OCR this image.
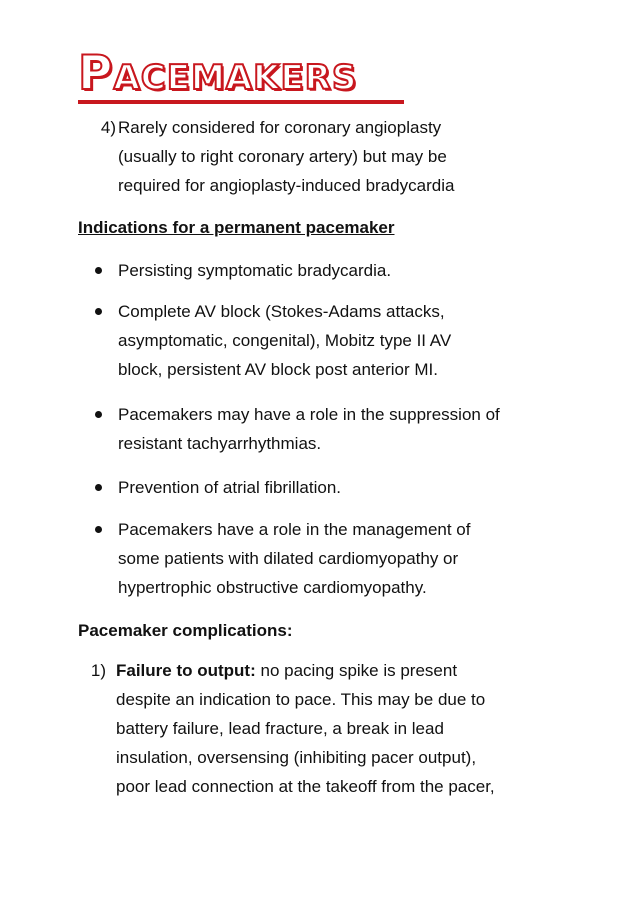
PACEMAKERS
4) Rarely considered for coronary angioplasty
(usually to right coronary artery) but may be
required for angioplasty-induced bradycardia
Indications for a permanent pacemaker
Persisting symptomatic bradycardia.
Complete AV block (Stokes-Adams attacks,
asymptomatic, congenital), Mobitz type II AV
block, persistent AV block post anterior MI.
Pacemakers may have a role in the suppression of
resistant tachyarrhythmias.
Prevention of atrial fibrillation.
Pacemakers have a role in the management of
some patients with dilated cardiomyopathy or
hypertrophic obstructive cardiomyopathy.
Pacemaker complications:
1) Failure to output: no pacing spike is present
despite an indication to pace. This may be due to
battery failure, lead fracture, a break in lead
insulation, oversensing (inhibiting pacer output),
poor lead connection at the takeoff from the pacer,
